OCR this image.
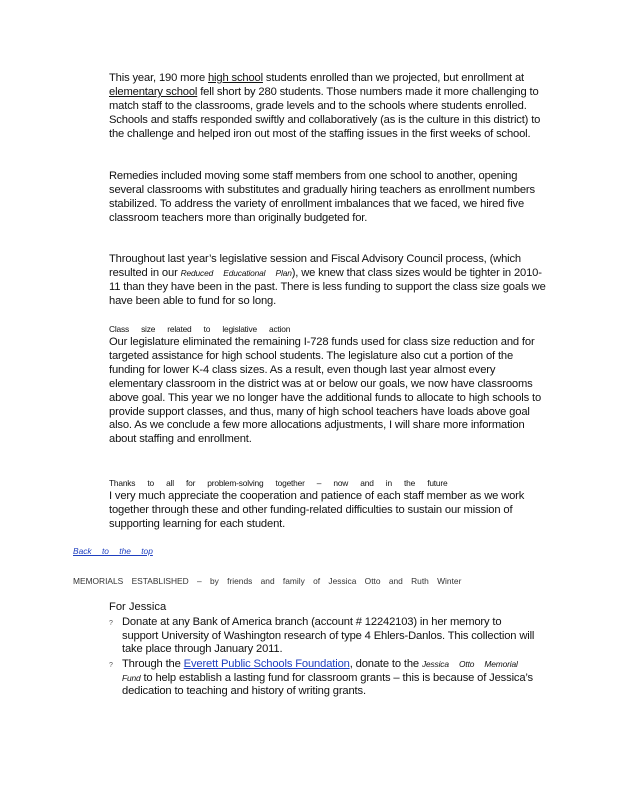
This year, 190 more high school students enrolled than we projected, but enrollment at elementary school fell short by 280 students. Those numbers made it more challenging to match staff to the classrooms, grade levels and to the schools where students enrolled. Schools and staffs responded swiftly and collaboratively (as is the culture in this district) to the challenge and helped iron out most of the staffing issues in the first weeks of school.

Remedies included moving some staff members from one school to another, opening several classrooms with substitutes and gradually hiring teachers as enrollment numbers stabilized. To address the variety of enrollment imbalances that we faced, we hired five classroom teachers more than originally budgeted for.

Throughout last year’s legislative session and Fiscal Advisory Council process, (which resulted in our Reduced Educational Plan), we knew that class sizes would be tighter in 2010-11 than they have been in the past. There is less funding to support the class size goals we have been able to fund for so long.

Class size related to legislative action

Our legislature eliminated the remaining I-728 funds used for class size reduction and for targeted assistance for high school students. The legislature also cut a portion of the funding for lower K-4 class sizes. As a result, even though last year almost every elementary classroom in the district was at or below our goals, we now have classrooms above goal. This year we no longer have the additional funds to allocate to high schools to provide support classes, and thus, many of high school teachers have loads above goal also. As we conclude a few more allocations adjustments, I will share more information about staffing and enrollment.

Thanks to all for problem-solving together – now and in the future

I very much appreciate the cooperation and patience of each staff member as we work together through these and other funding-related difficulties to sustain our mission of supporting learning for each student.

Back to the top
MEMORIALS ESTABLISHED – by friends and family of Jessica Otto and Ruth Winter
For Jessica
? Donate at any Bank of America branch (account # 12242103) in her memory to support University of Washington research of type 4 Ehlers-Danlos. This collection will take place through January 2011.
? Through the Everett Public Schools Foundation, donate to the Jessica Otto Memorial Fund to help establish a lasting fund for classroom grants – this is because of Jessica’s dedication to teaching and history of writing grants.
